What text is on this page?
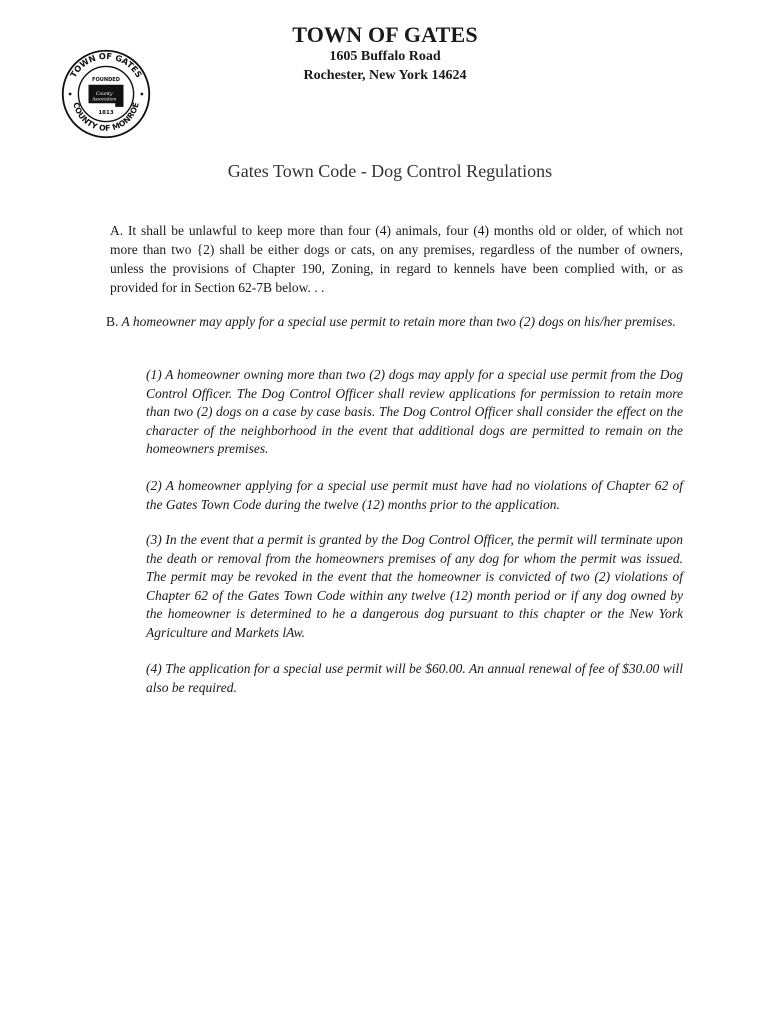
TOWN OF GATES
COUNTY OF MONROE
FOUNDED
County
Association
1813
TOWN OF GATES
1605 Buffalo Road
Rochester, New York 14624
Gates Town Code - Dog Control Regulations
A. It shall be unlawful to keep more than four (4) animals, four (4) months old or older, of which not more than two {2) shall be either dogs or cats, on any premises, regardless of the number of owners, unless the provisions of Chapter 190, Zoning, in regard to kennels have been complied with, or as provided for in Section 62-7B below. . .
B. A homeowner may apply for a special use permit to retain more than two (2) dogs on his/her premises.
(1) A homeowner owning more than two (2) dogs may apply for a special use permit from the Dog Control Officer. The Dog Control Officer shall review applications for permission to retain more than two (2) dogs on a case by case basis. The Dog Control Officer shall consider the effect on the character of the neighborhood in the event that additional dogs are permitted to remain on the homeowners premises.
(2) A homeowner applying for a special use permit must have had no violations of Chapter 62 of the Gates Town Code during the twelve (12) months prior to the application.
(3) In the event that a permit is granted by the Dog Control Officer, the permit will terminate upon the death or removal from the homeowners premises of any dog for whom the permit was issued. The permit may be revoked in the event that the homeowner is convicted of two (2) violations of Chapter 62 of the Gates Town Code within any twelve (12) month period or if any dog owned by the homeowner is determined to he a dangerous dog pursuant to this chapter or the New York Agriculture and Markets lAw.
(4) The application for a special use permit will be $60.00. An annual renewal of fee of $30.00 will also be required.
